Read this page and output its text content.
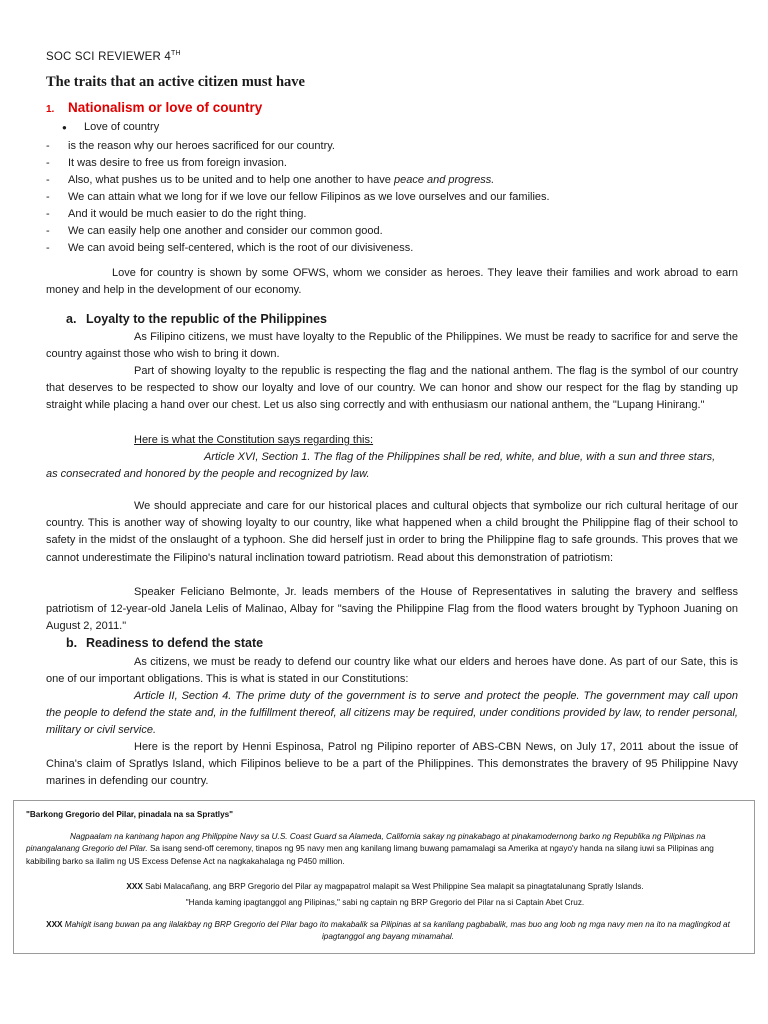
SOC SCI REVIEWER 4TH
The traits that an active citizen must have
1. Nationalism or love of country
● Love of country
-	is the reason why our heroes sacrificed for our country.
-	It was desire to free us from foreign invasion.
-	Also, what pushes us to be united and to help one another to have peace and progress.
-	We can attain what we long for if we love our fellow Filipinos as we love ourselves and our families.
-	And it would be much easier to do the right thing.
-	We can easily help one another and consider our common good.
-	We can avoid being self-centered, which is the root of our divisiveness.
Love for country is shown by some OFWS, whom we consider as heroes. They leave their families and work abroad to earn money and help in the development of our economy.
a. Loyalty to the republic of the Philippines
As Filipino citizens, we must have loyalty to the Republic of the Philippines. We must be ready to sacrifice for and serve the country against those who wish to bring it down.
Part of showing loyalty to the republic is respecting the flag and the national anthem. The flag is the symbol of our country that deserves to be respected to show our loyalty and love of our country. We can honor and show our respect for the flag by standing up straight while placing a hand over our chest. Let us also sing correctly and with enthusiasm our national anthem, the "Lupang Hinirang."
Here is what the Constitution says regarding this:
Article XVI, Section 1. The flag of the Philippines shall be red, white, and blue, with a sun and three stars,
as consecrated and honored by the people and recognized by law.
We should appreciate and care for our historical places and cultural objects that symbolize our rich cultural heritage of our country. This is another way of showing loyalty to our country, like what happened when a child brought the Philippine flag of their school to safety in the midst of the onslaught of a typhoon. She did herself just in order to bring the Philippine flag to safe grounds. This proves that we cannot underestimate the Filipino's natural inclination toward patriotism. Read about this demonstration of patriotism:
Speaker Feliciano Belmonte, Jr. leads members of the House of Representatives in saluting the bravery and selfless patriotism of 12-year-old Janela Lelis of Malinao, Albay for "saving the Philippine Flag from the flood waters brought by Typhoon Juaning on August 2, 2011."
b. Readiness to defend the state
As citizens, we must be ready to defend our country like what our elders and heroes have done. As part of our Sate, this is one of our important obligations. This is what is stated in our Constitutions:
Article II, Section 4. The prime duty of the government is to serve and protect the people. The government may call upon the people to defend the state and, in the fulfillment thereof, all citizens may be required, under conditions provided by law, to render personal, military or civil service.
Here is the report by Henni Espinosa, Patrol ng Pilipino reporter of ABS-CBN News, on July 17, 2011 about the issue of China's claim of Spratlys Island, which Filipinos believe to be a part of the Philippines. This demonstrates the bravery of 95 Philippine Navy marines in defending our country.
"Barkong Gregorio del Pilar, pinadala na sa Spratlys"
Nagpaalam na kaninang hapon ang Philippine Navy sa U.S. Coast Guard sa Alameda, California sakay ng pinakabago at pinakamodernong barko ng Republika ng Pilipinas na pinangalanang Gregorio del Pilar. Sa isang send-off ceremony, tinapos ng 95 navy men ang kanilang limang buwang pamamalagi sa Amerika at ngayo'y handa na silang iuwi sa Pilipinas ang kabibiling barko sa ilalim ng US Excess Defense Act na nagkakahalaga ng P450 million.
XXX Sabi Malacañang, ang BRP Gregorio del Pilar ay magpapatrol malapit sa West Philippine Sea malapit sa pinagtatalunang Spratly Islands.
"Handa kaming ipagtanggol ang Pilipinas," sabi ng captain ng BRP Gregorio del Pilar na si Captain Abet Cruz.
XXX Mahigit isang buwan pa ang ilalakbay ng BRP Gregorio del Pilar bago ito makabalik sa Pilipinas at sa kanilang pagbabalik, mas buo ang loob ng mga navy men na ito na maglingkod at ipagtanggol ang bayang minamahal.
